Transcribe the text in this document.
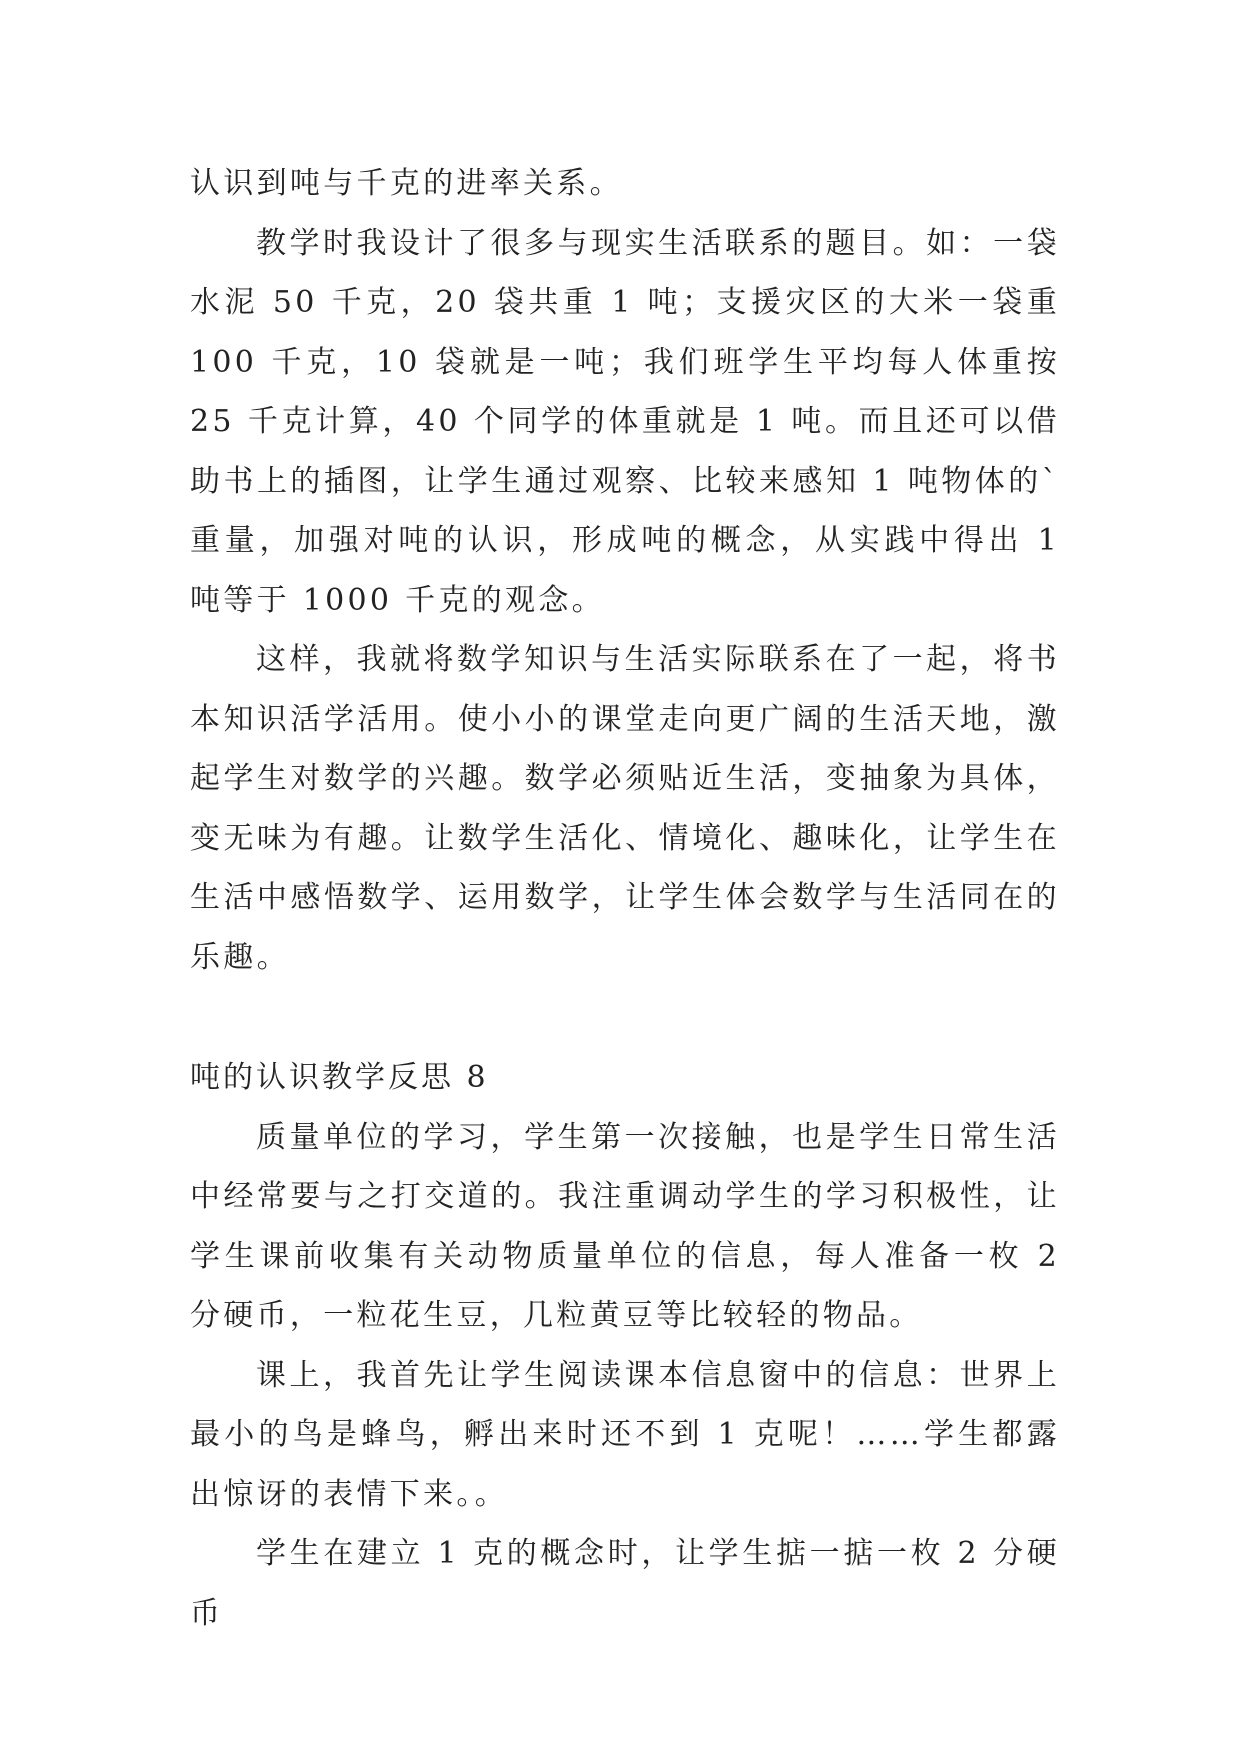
认识到吨与千克的进率关系。

教学时我设计了很多与现实生活联系的题目。如：一袋水泥 50 千克，20 袋共重 1 吨；支援灾区的大米一袋重 100 千克，10 袋就是一吨；我们班学生平均每人体重按 25 千克计算，40 个同学的体重就是 1 吨。而且还可以借助书上的插图，让学生通过观察、比较来感知 1 吨物体的`重量，加强对吨的认识，形成吨的概念，从实践中得出 1 吨等于 1000 千克的观念。

这样，我就将数学知识与生活实际联系在了一起，将书本知识活学活用。使小小的课堂走向更广阔的生活天地，激起学生对数学的兴趣。数学必须贴近生活，变抽象为具体，变无味为有趣。让数学生活化、情境化、趣味化，让学生在生活中感悟数学、运用数学，让学生体会数学与生活同在的乐趣。

吨的认识教学反思 8

质量单位的学习，学生第一次接触，也是学生日常生活中经常要与之打交道的。我注重调动学生的学习积极性，让学生课前收集有关动物质量单位的信息，每人准备一枚 2 分硬币，一粒花生豆，几粒黄豆等比较轻的物品。

课上，我首先让学生阅读课本信息窗中的信息：世界上最小的鸟是蜂鸟，孵出来时还不到 1 克呢！……学生都露出惊讶的表情下来。。

学生在建立 1 克的概念时，让学生掂一掂一枚 2 分硬币
